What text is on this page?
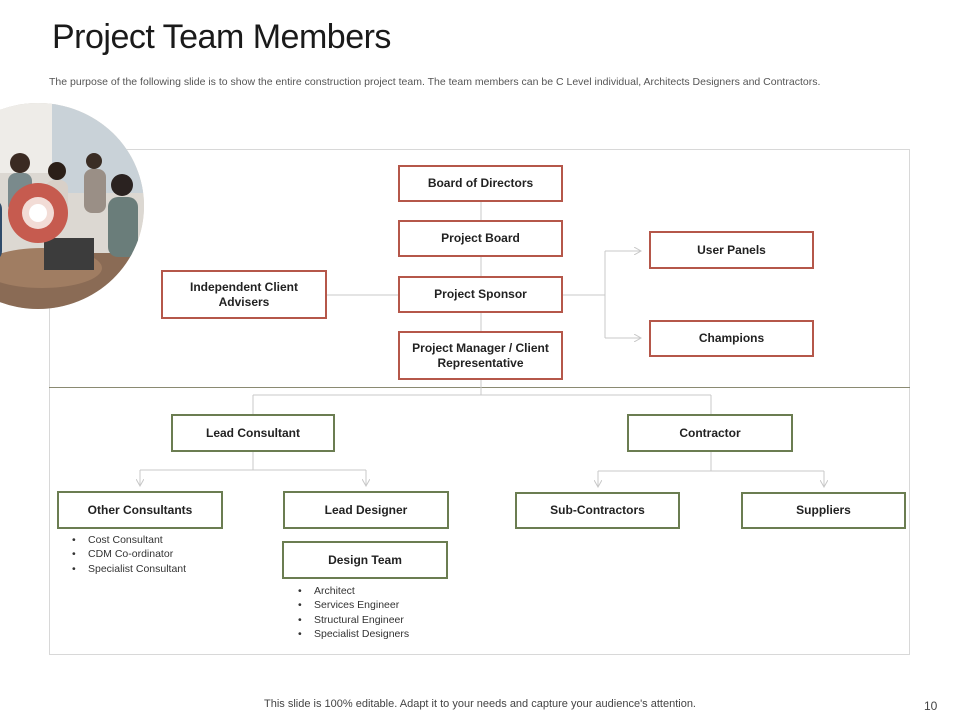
Project Team Members
The purpose of the following slide is to show the entire construction project team. The team members can be C Level individual, Architects Designers and Contractors.
Board of Directors
Project Board
Project Sponsor
Project Manager / Client Representative
Independent Client Advisers
User Panels
Champions
Lead Consultant	Contractor
Other Consultants	Lead Designer	Sub-Contractors	Suppliers
Design Team
• Cost Consultant
• CDM Co-ordinator
• Specialist Consultant
• Architect
• Services Engineer
• Structural Engineer
• Specialist Designers
This slide is 100% editable. Adapt it to your needs and capture your audience's attention.	10
